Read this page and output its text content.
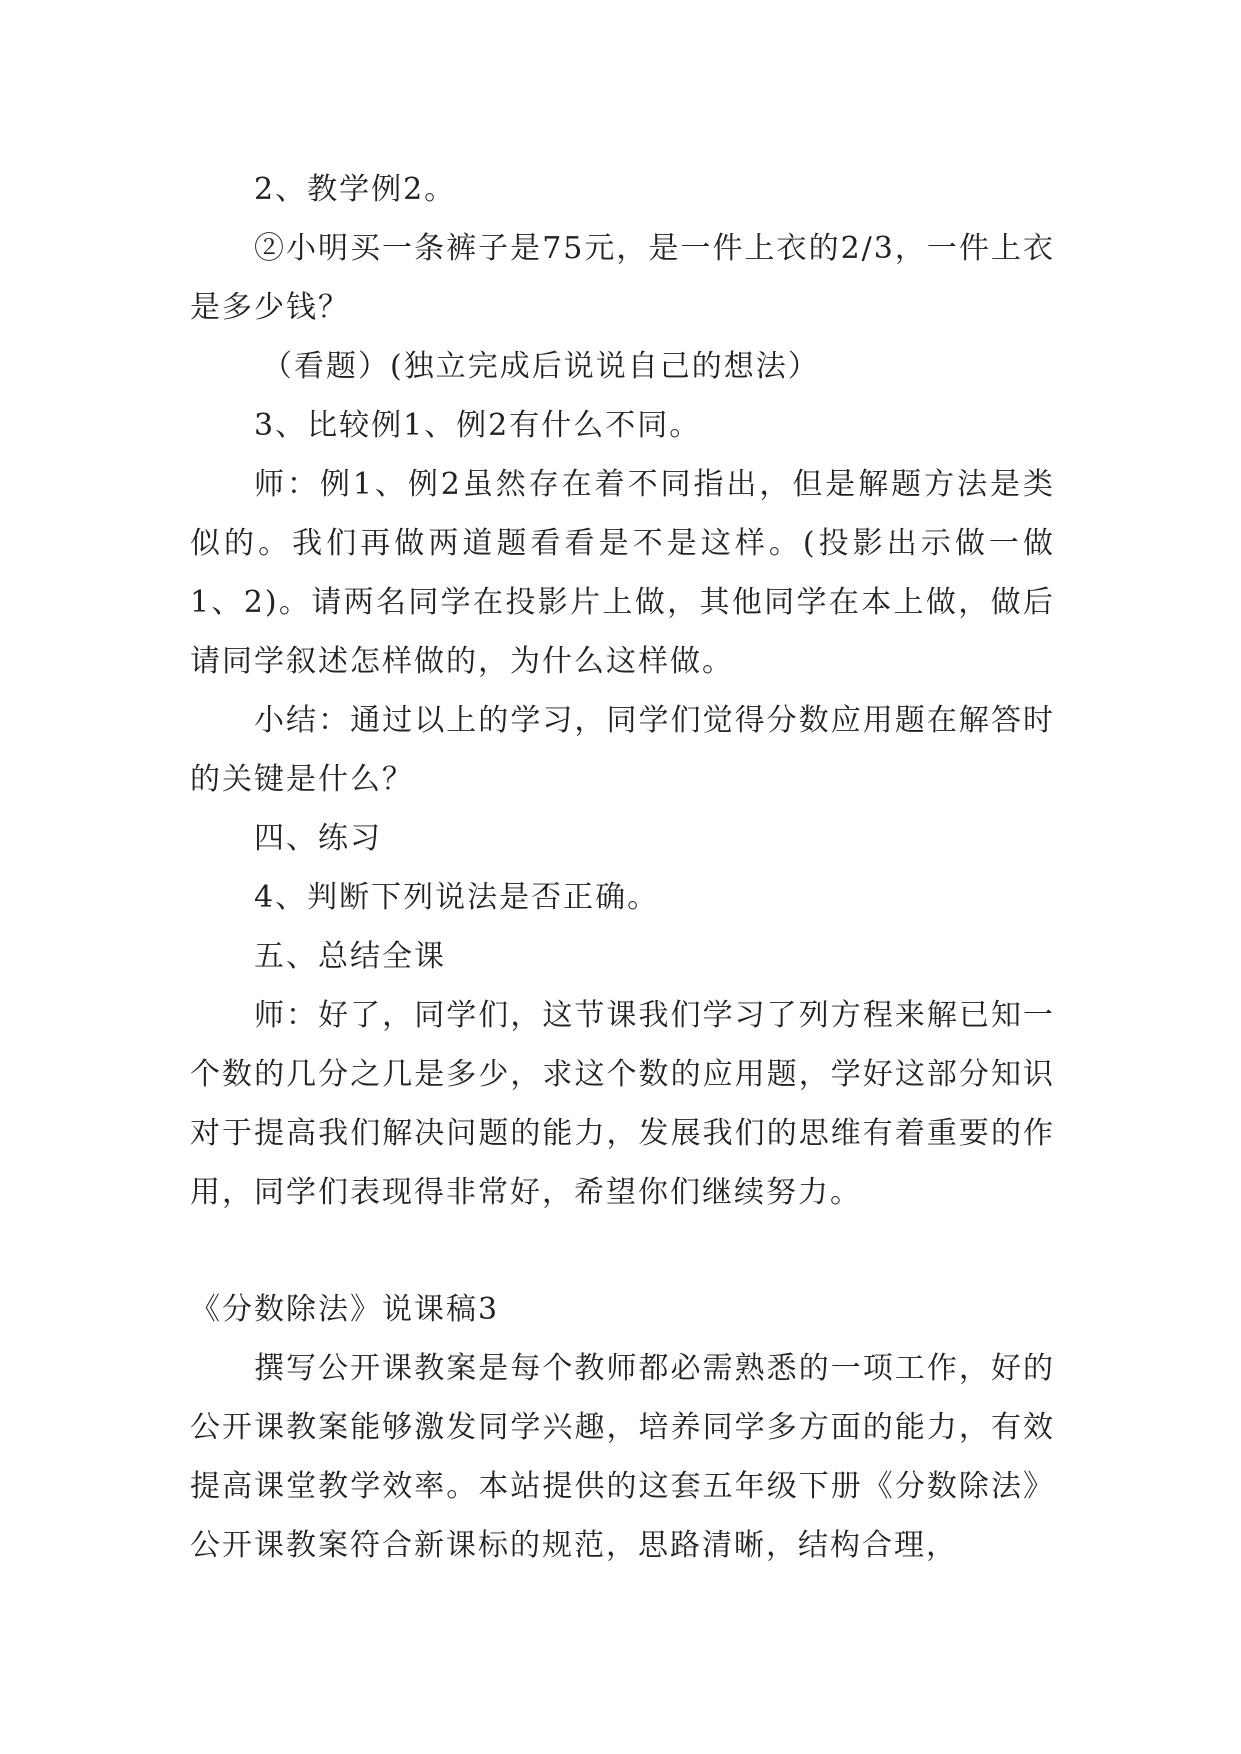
2、教学例2。

②小明买一条裤子是75元，是一件上衣的2/3，一件上衣是多少钱？

（看题）(独立完成后说说自己的想法）

3、比较例1、例2有什么不同。

师：例1、例2虽然存在着不同指出，但是解题方法是类似的。我们再做两道题看看是不是这样。(投影出示做一做1、2)。请两名同学在投影片上做，其他同学在本上做，做后请同学叙述怎样做的，为什么这样做。

小结：通过以上的学习，同学们觉得分数应用题在解答时的关键是什么？

四、练习

4、判断下列说法是否正确。

五、总结全课

师：好了，同学们，这节课我们学习了列方程来解已知一个数的几分之几是多少，求这个数的应用题，学好这部分知识对于提高我们解决问题的能力，发展我们的思维有着重要的作用，同学们表现得非常好，希望你们继续努力。

《分数除法》说课稿3

撰写公开课教案是每个教师都必需熟悉的一项工作，好的公开课教案能够激发同学兴趣，培养同学多方面的能力，有效提高课堂教学效率。本站提供的这套五年级下册《分数除法》公开课教案符合新课标的规范，思路清晰，结构合理，
